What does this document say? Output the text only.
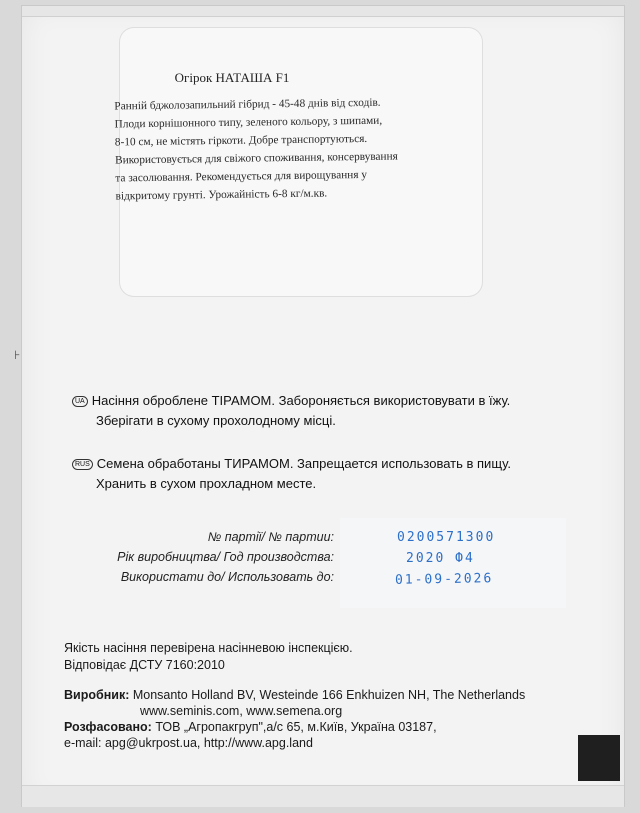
⊦
Огірок НАТАША F1
Ранній бджолозапильний гібрид - 45-48 днів від сходів.
Плоди корнішонного типу, зеленого кольору, з шипами,
8-10 см, не містять гіркоти. Добре транспортуються.
Використовується для свіжого споживання, консервування
та засолювання. Рекомендується для вирощування у
відкритому грунті. Урожайність 6-8 кг/м.кв.
UA Насіння оброблене ТІРАМОМ. Забороняється використовувати в їжу.
Зберігати в сухому прохолодному місці.
RUS Семена обработаны ТИРАМОМ. Запрещается использовать в пищу.
Хранить в сухом прохладном месте.
№ партії/ № партии:	0200571300
Рік виробництва/ Год производства:	2020 Ф4
Використати до/ Использовать до:	01-09-2026
Якість насіння перевірена насінневою інспекцією.
Відповідає ДСТУ 7160:2010
Виробник: Monsanto Holland BV, Westeinde 166 Enkhuizen NH, The Netherlands
www.seminis.com, www.semena.org
Розфасовано: ТОВ „Агропакгруп",а/с 65, м.Київ, Україна 03187,
e-mail: apg@ukrpost.ua, http://www.apg.land
